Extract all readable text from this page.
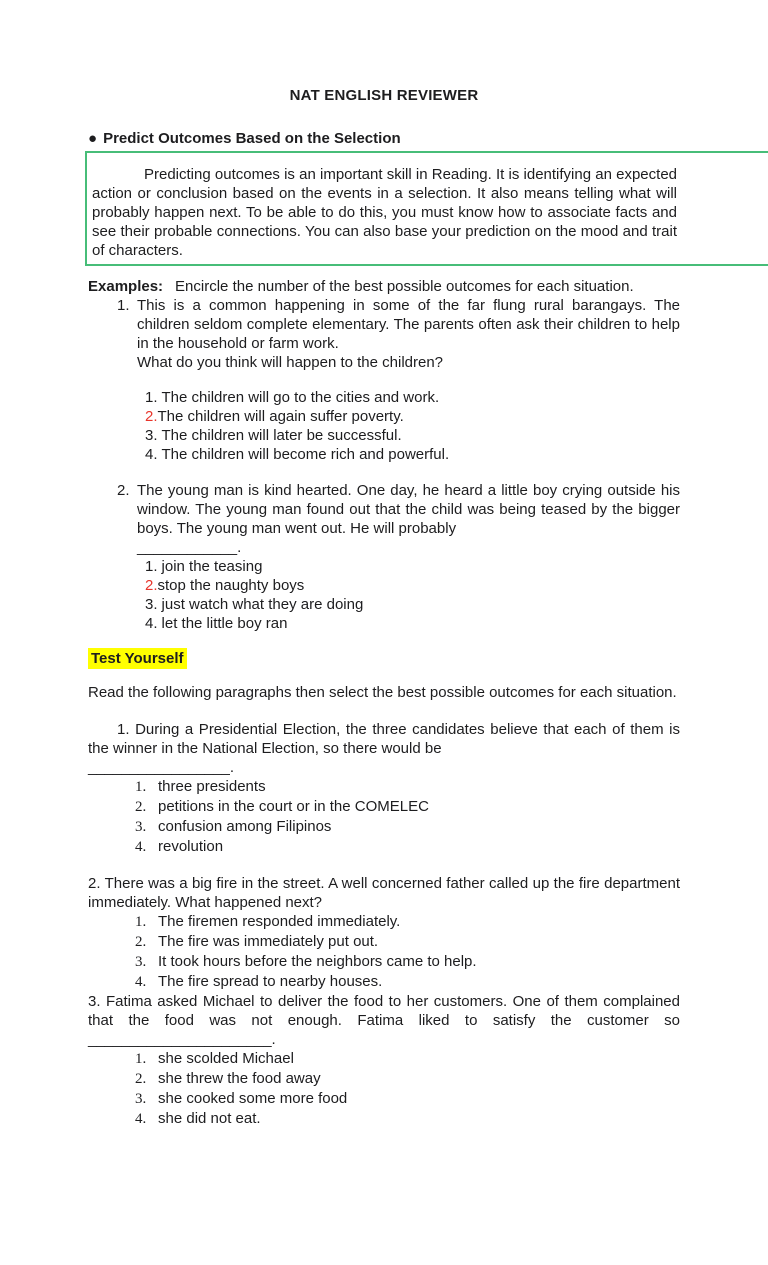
NAT ENGLISH REVIEWER
● Predict Outcomes Based on the Selection
Predicting outcomes is an important skill in Reading. It is identifying an expected action or conclusion based on the events in a selection. It also means telling what will probably happen next. To be able to do this, you must know how to associate facts and see their probable connections. You can also base your prediction on the mood and trait of characters.
Examples: Encircle the number of the best possible outcomes for each situation.
1. This is a common happening in some of the far flung rural barangays. The children seldom complete elementary. The parents often ask their children to help in the household or farm work.
What do you think will happen to the children?
1. The children will go to the cities and work.
2.The children will again suffer poverty.
3. The children will later be successful.
4. The children will become rich and powerful.
2. The young man is kind hearted. One day, he heard a little boy crying outside his window. The young man found out that the child was being teased by the bigger boys. The young man went out. He will probably
____________.
1. join the teasing
2.stop the naughty boys
3. just watch what they are doing
4. let the little boy ran
Test Yourself
Read the following paragraphs then select the best possible outcomes for each situation.
1. During a Presidential Election, the three candidates believe that each of them is the winner in the National Election, so there would be
_________________.
1. three presidents
2. petitions in the court or in the COMELEC
3. confusion among Filipinos
4. revolution
2. There was a big fire in the street. A well concerned father called up the fire department immediately. What happened next?
1. The firemen responded immediately.
2. The fire was immediately put out.
3. It took hours before the neighbors came to help.
4. The fire spread to nearby houses.
3. Fatima asked Michael to deliver the food to her customers. One of them complained that the food was not enough. Fatima liked to satisfy the customer so ______________________.
1. she scolded Michael
2. she threw the food away
3. she cooked some more food
4. she did not eat.
